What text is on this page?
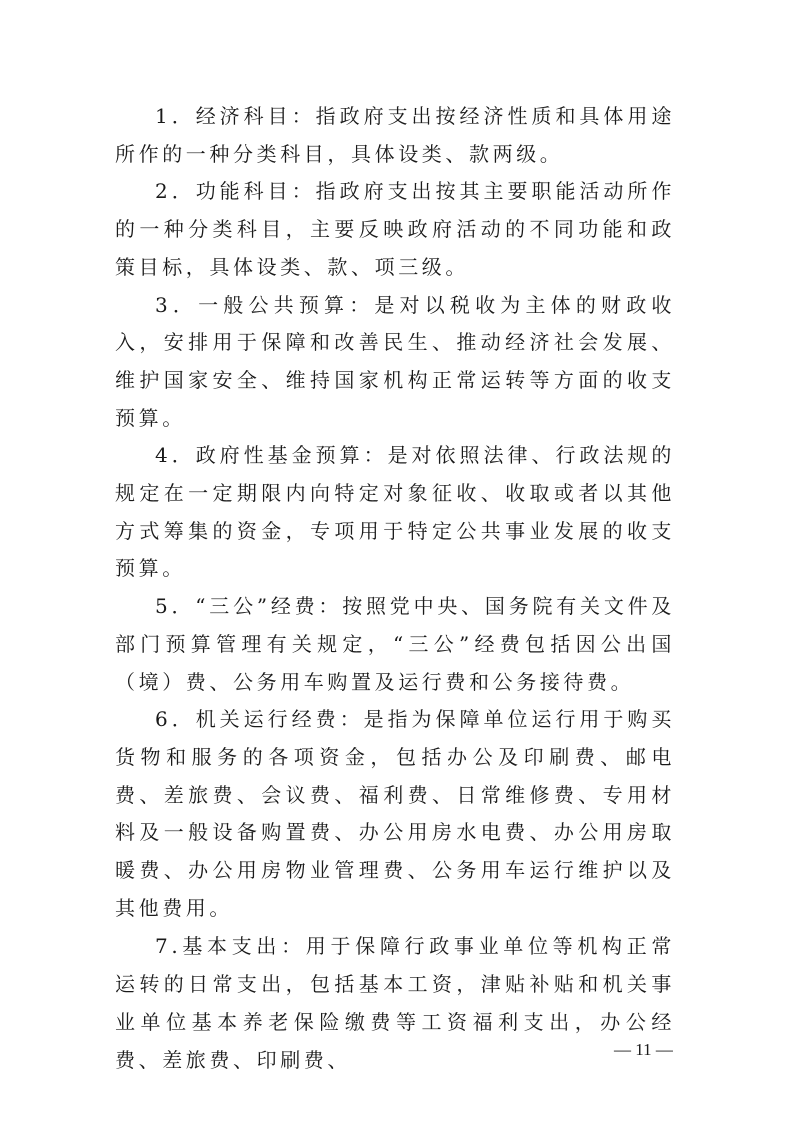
1．经济科目：指政府支出按经济性质和具体用途所作的一种分类科目，具体设类、款两级。

2．功能科目：指政府支出按其主要职能活动所作的一种分类科目，主要反映政府活动的不同功能和政策目标，具体设类、款、项三级。

3．一般公共预算：是对以税收为主体的财政收入，安排用于保障和改善民生、推动经济社会发展、维护国家安全、维持国家机构正常运转等方面的收支预算。

4．政府性基金预算：是对依照法律、行政法规的规定在一定期限内向特定对象征收、收取或者以其他方式筹集的资金，专项用于特定公共事业发展的收支预算。

5．“三公”经费：按照党中央、国务院有关文件及部门预算管理有关规定，“三公”经费包括因公出国（境）费、公务用车购置及运行费和公务接待费。

6．机关运行经费：是指为保障单位运行用于购买货物和服务的各项资金，包括办公及印刷费、邮电费、差旅费、会议费、福利费、日常维修费、专用材料及一般设备购置费、办公用房水电费、办公用房取暖费、办公用房物业管理费、公务用车运行维护以及其他费用。

7.基本支出：用于保障行政事业单位等机构正常运转的日常支出，包括基本工资，津贴补贴和机关事业单位基本养老保险缴费等工资福利支出，办公经费、差旅费、印刷费、	— 11 —
